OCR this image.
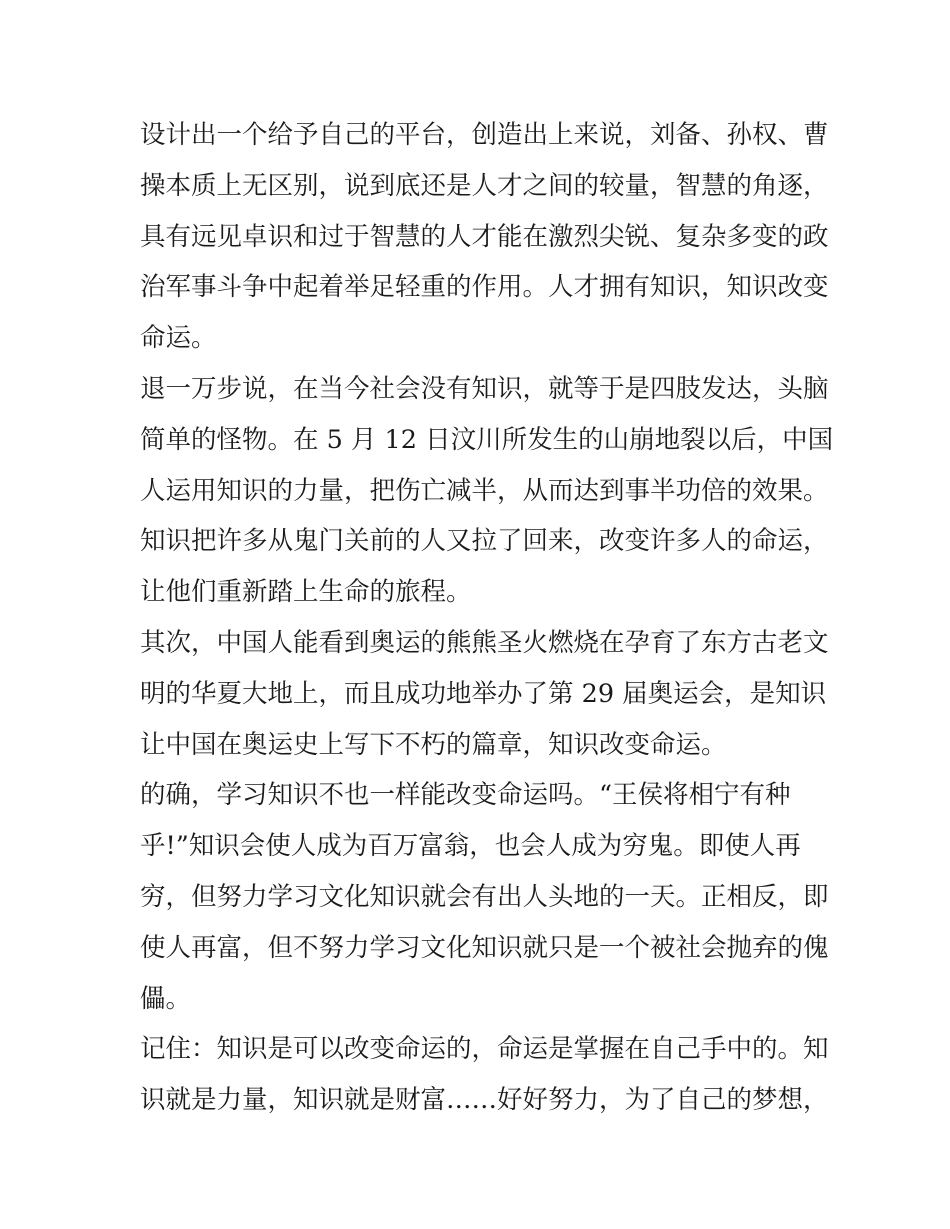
设计出一个给予自己的平台，创造出上来说，刘备、孙权、曹
操本质上无区别，说到底还是人才之间的较量，智慧的角逐，
具有远见卓识和过于智慧的人才能在激烈尖锐、复杂多变的政
治军事斗争中起着举足轻重的作用。人才拥有知识，知识改变
命运。
退一万步说，在当今社会没有知识，就等于是四肢发达，头脑
简单的怪物。在 5 月 12 日汶川所发生的山崩地裂以后，中国
人运用知识的力量，把伤亡减半，从而达到事半功倍的效果。
知识把许多从鬼门关前的人又拉了回来，改变许多人的命运，
让他们重新踏上生命的旅程。
其次，中国人能看到奥运的熊熊圣火燃烧在孕育了东方古老文
明的华夏大地上，而且成功地举办了第 29 届奥运会，是知识
让中国在奥运史上写下不朽的篇章，知识改变命运。
的确，学习知识不也一样能改变命运吗。“王侯将相宁有种
乎!”知识会使人成为百万富翁，也会人成为穷鬼。即使人再
穷，但努力学习文化知识就会有出人头地的一天。正相反，即
使人再富，但不努力学习文化知识就只是一个被社会抛弃的傀
儡。
记住：知识是可以改变命运的，命运是掌握在自己手中的。知
识就是力量，知识就是财富……好好努力，为了自己的梦想，
